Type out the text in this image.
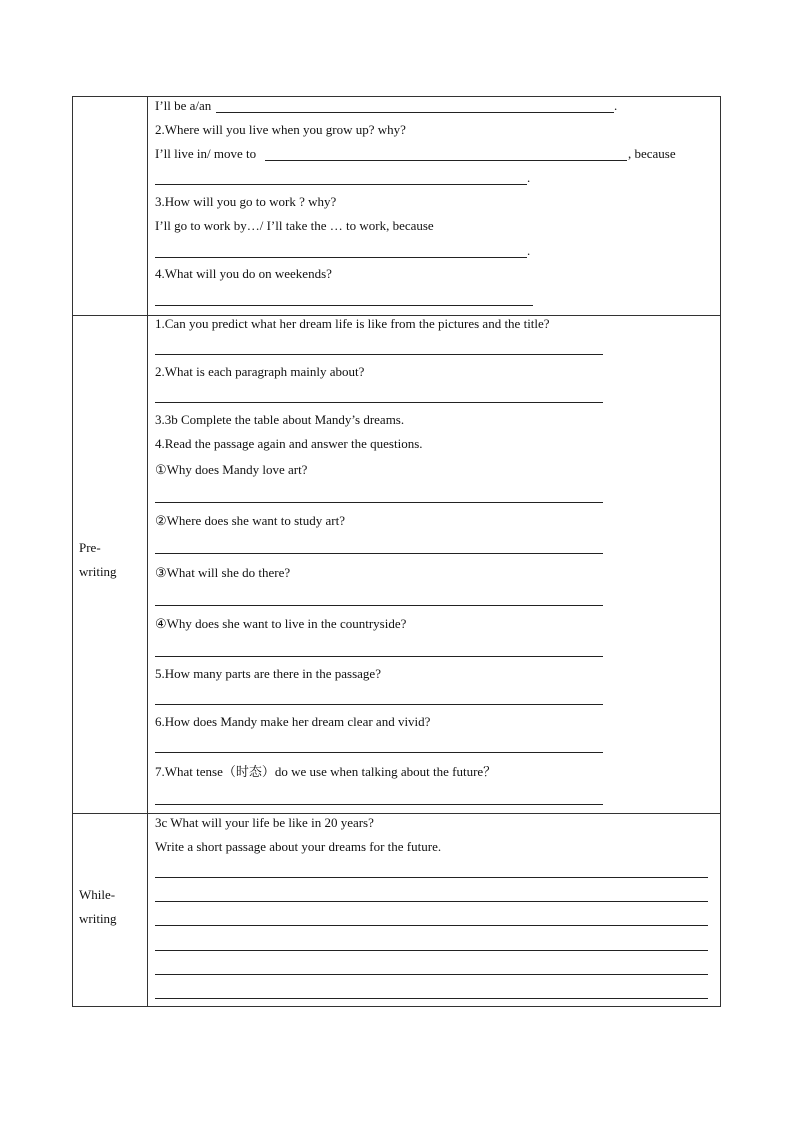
I’ll be a/an	.
2.Where will you live when you grow up? why?
I’ll live in/ move to	, because
.
3.How will you go to work ? why?
I’ll go to work by…/ I’ll take the … to work, because
.
4.What will you do on weekends?
Pre-
writing
1.Can you predict what her dream life is like from the pictures and the title?
2.What is each paragraph mainly about?
3.3b Complete the table about Mandy’s dreams.
4.Read the passage again and answer the questions.
①Why does Mandy love art?
②Where does she want to study art?
③What will she do there?
④Why does she want to live in the countryside?
5.How many parts are there in the passage?
6.How does Mandy make her dream clear and vivid?
7.What tense（时态）do we use when talking about the future？
While-
writing
3c What will your life be like in 20 years?
Write a short passage about your dreams for the future.
